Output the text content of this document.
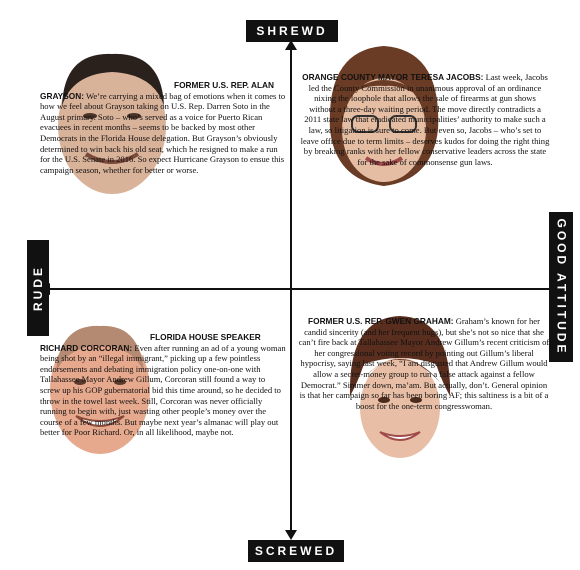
SHREWD
SCREWED
RUDE	GOOD ATTITUDE

FORMER U.S. REP. ALAN GRAYSON: We’re carrying a mixed bag of emotions when it comes to how we feel about Grayson taking on U.S. Rep. Darren Soto in the August primary. Soto – who’s served as a voice for Puerto Rican evacuees in recent months – seems to be backed by most other Democrats in the Florida House delegation. But Grayson’s obviously determined to win back his old seat, which he resigned to make a run for the U.S. Senate in 2016. So expect Hurricane Grayson to ensue this campaign season, whether for better or worse.

ORANGE COUNTY MAYOR TERESA JACOBS: Last week, Jacobs led the County Commission in unanimous approval of an ordinance nixing the loophole that allows the sale of firearms at gun shows without a three-day waiting period. The move directly contradicts a 2011 state law that eradicated municipalities’ authority to make such a law, so litigation is sure to come. But even so, Jacobs – who’s set to leave office due to term limits – deserves kudos for doing the right thing by breaking ranks with her fellow conservative leaders across the state for the sake of commonsense gun laws.

FLORIDA HOUSE SPEAKER RICHARD CORCORAN: Even after running an ad of a young woman being shot by an “illegal immigrant,” picking up a few pointless endorsements and debating immigration policy one-on-one with Tallahassee Mayor Andrew Gillum, Corcoran still found a way to screw up his GOP gubernatorial bid this time around, so he decided to throw in the towel last week. Still, Corcoran was never officially running to begin with, just wasting other people’s money over the course of a few months. But maybe next year’s almanac will play out better for Poor Richard. Or, in all likelihood, maybe not.

FORMER U.S. REP. GWEN GRAHAM: Graham’s known for her candid sincerity (and her frequent hugs), but she’s not so nice that she can’t fire back at Tallahassee Mayor Andrew Gillum’s recent criticism of her congressional voting record by pointing out Gillum’s liberal hypocrisy, saying last week, “I am disgusted that Andrew Gillum would allow a secret-money group to run a false attack against a fellow Democrat.” Simmer down, ma’am. But actually, don’t. General opinion is that her campaign so far has been boring AF; this saltiness is a bit of a boost for the one-term congresswoman.
